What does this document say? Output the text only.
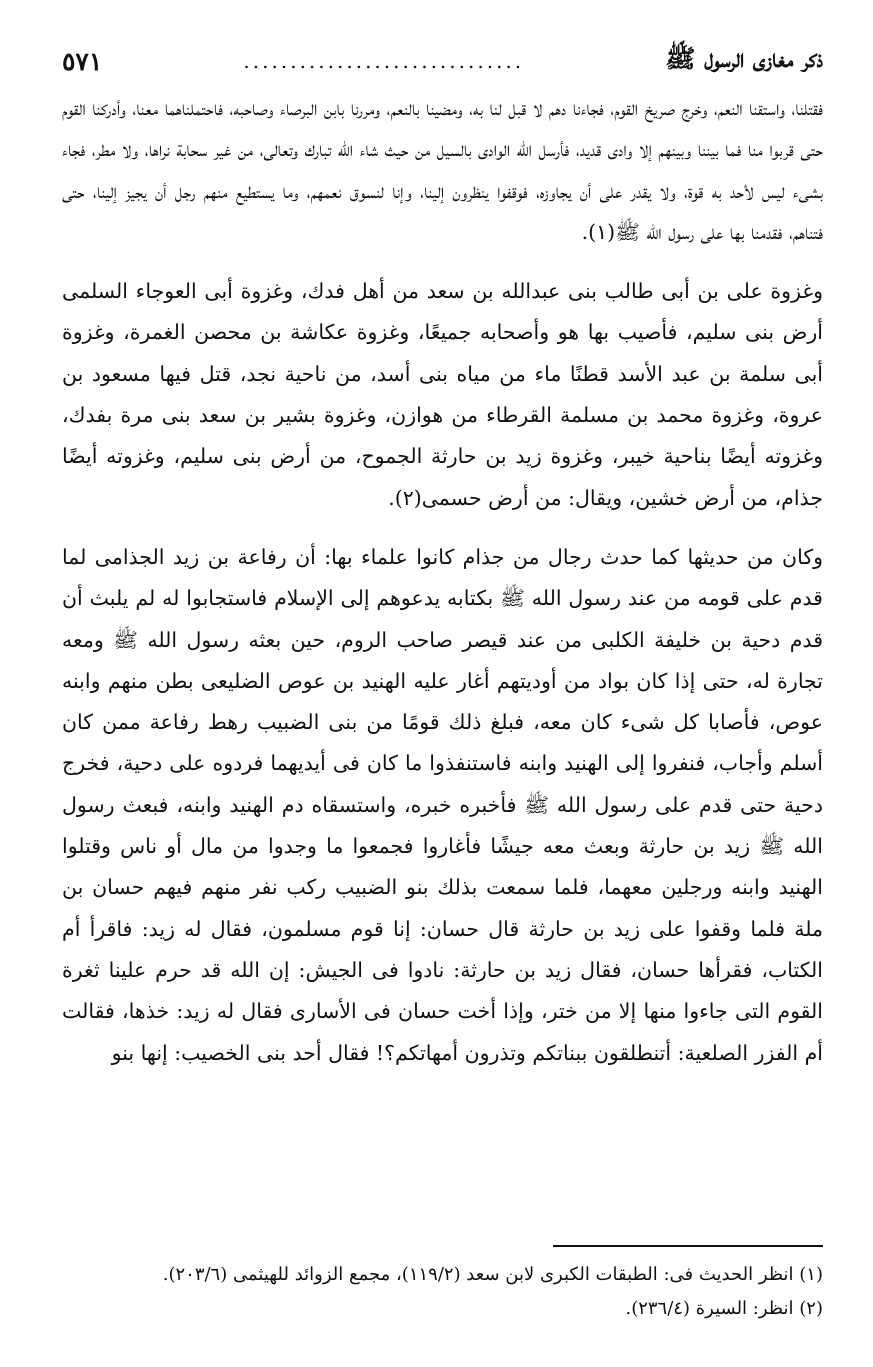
ذكر مغازى الرسول ﷺ
..............................
٥٧١

فقتلنا، واستقنا النعم، وخرج صريخ القوم، فجاءنا دهم لا قبل لنا به، ومضينا بالنعم، ومررنا بابن البرصاء وصاحبه، فاحتملناهما معنا، وأدركنا القوم حتى قربوا منا فما بيننا وبينهم إلا وادى قديد، فأرسل الله الوادى بالسيل من حيث شاء الله تبارك وتعالى، من غير سحابة نراها، ولا مطر، فجاء بشىء ليس لأحد به قوة، ولا يقدر على أن يجاوزه، فوقفوا ينظرون إلينا، وإنا لنسوق نعمهم، وما يستطيع منهم رجل أن يجيز إلينا، حتى فتناهم، فقدمنا بها على رسول الله ﷺ(١).

وغزوة على بن أبى طالب بنى عبدالله بن سعد من أهل فدك، وغزوة أبى العوجاء السلمى أرض بنى سليم، فأصيب بها هو وأصحابه جميعًا، وغزوة عكاشة بن محصن الغمرة، وغزوة أبى سلمة بن عبد الأسد قطنًا ماء من مياه بنى أسد، من ناحية نجد، قتل فيها مسعود بن عروة، وغزوة محمد بن مسلمة القرطاء من هوازن، وغزوة بشير بن سعد بنى مرة بفدك، وغزوته أيضًا بناحية خيبر، وغزوة زيد بن حارثة الجموح، من أرض بنى سليم، وغزوته أيضًا جذام، من أرض خشين، ويقال: من أرض حسمى(٢).

وكان من حديثها كما حدث رجال من جذام كانوا علماء بها: أن رفاعة بن زيد الجذامى لما قدم على قومه من عند رسول الله ﷺ بكتابه يدعوهم إلى الإسلام فاستجابوا له لم يلبث أن قدم دحية بن خليفة الكلبى من عند قيصر صاحب الروم، حين بعثه رسول الله ﷺ ومعه تجارة له، حتى إذا كان بواد من أوديتهم أغار عليه الهنيد بن عوص الضليعى بطن منهم وابنه عوص، فأصابا كل شىء كان معه، فبلغ ذلك قومًا من بنى الضبيب رهط رفاعة ممن كان أسلم وأجاب، فنفروا إلى الهنيد وابنه فاستنفذوا ما كان فى أيديهما فردوه على دحية، فخرج دحية حتى قدم على رسول الله ﷺ فأخبره خبره، واستسقاه دم الهنيد وابنه، فبعث رسول الله ﷺ زيد بن حارثة وبعث معه جيشًا فأغاروا فجمعوا ما وجدوا من مال أو ناس وقتلوا الهنيد وابنه ورجلين معهما، فلما سمعت بذلك بنو الضبيب ركب نفر منهم فيهم حسان بن ملة فلما وقفوا على زيد بن حارثة قال حسان: إنا قوم مسلمون، فقال له زيد: فاقرأ أم الكتاب، فقرأها حسان، فقال زيد بن حارثة: نادوا فى الجيش: إن الله قد حرم علينا ثغرة القوم التى جاءوا منها إلا من ختر، وإذا أخت حسان فى الأسارى فقال له زيد: خذها، فقالت أم الفزر الصلعية: أتنطلقون ببناتكم وتذرون أمهاتكم؟! فقال أحد بنى الخصيب: إنها بنو

(١) انظر الحديث فى: الطبقات الكبرى لابن سعد (١١٩/٢)، مجمع الزوائد للهيثمى (٢٠٣/٦).

(٢) انظر: السيرة (٢٣٦/٤).
